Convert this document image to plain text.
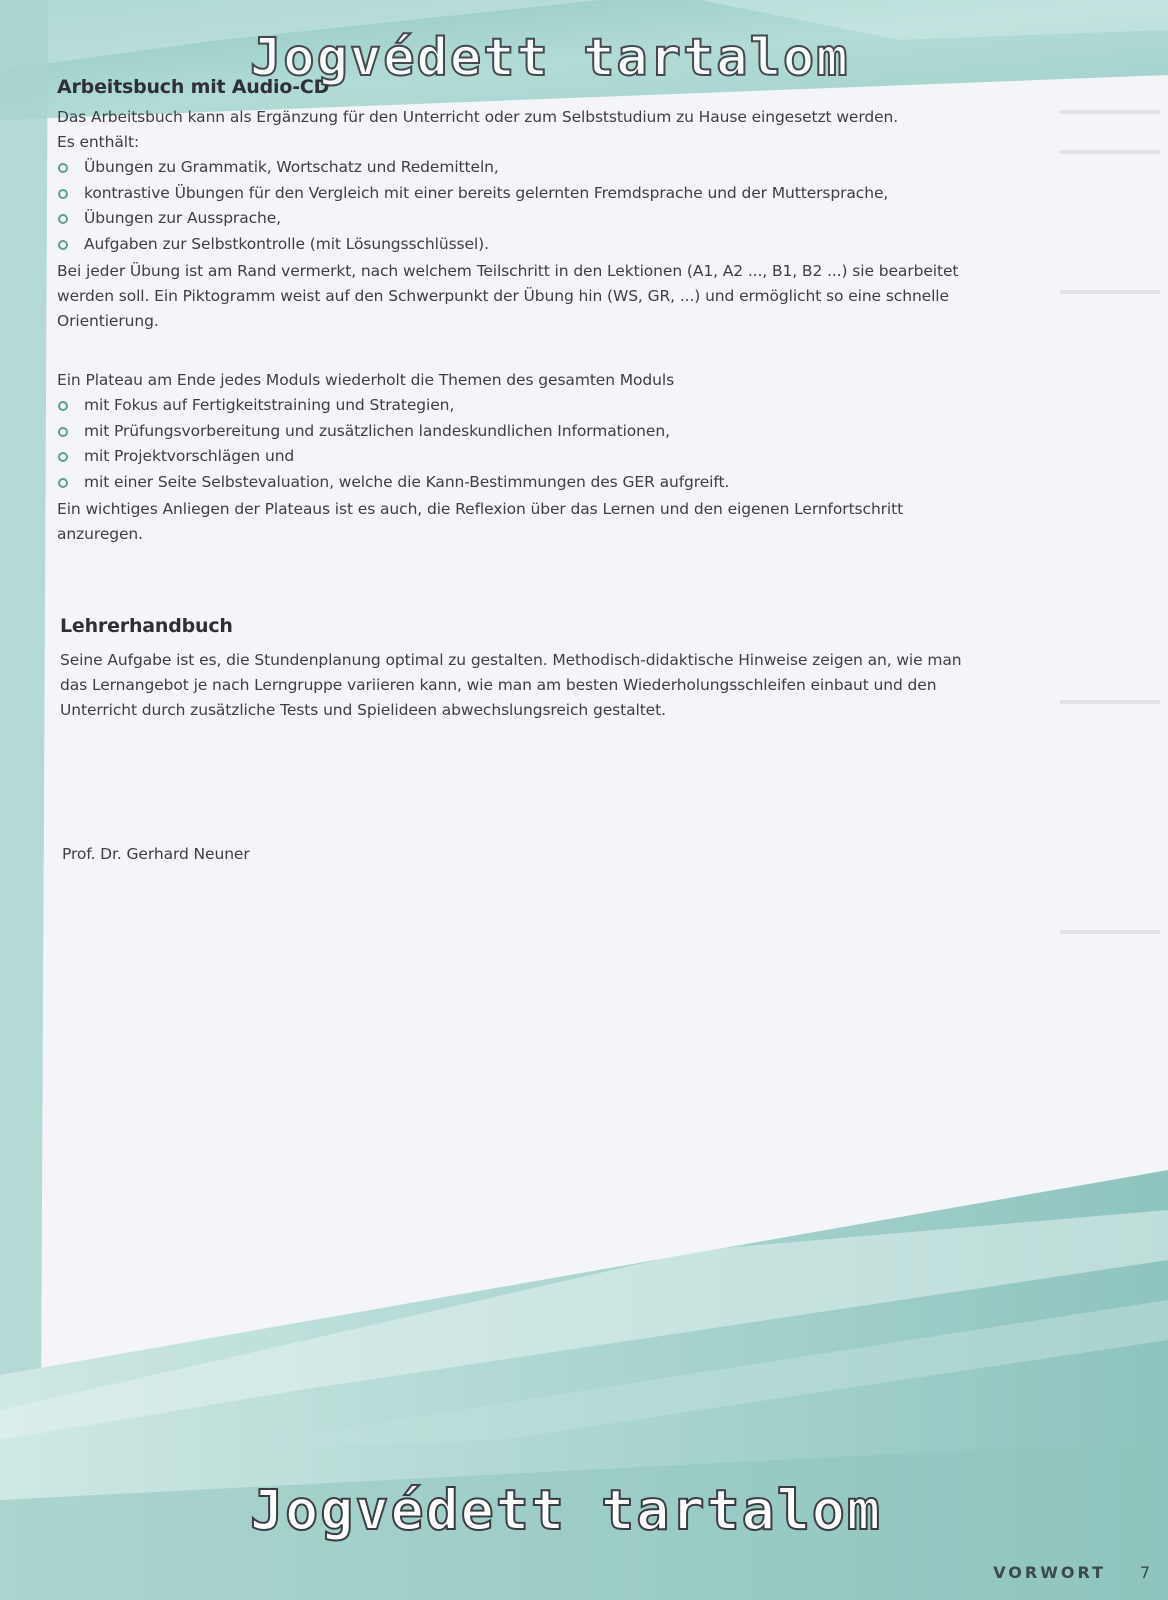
Arbeitsbuch mit Audio-CD

Das Arbeitsbuch kann als Ergänzung für den Unterricht oder zum Selbststudium zu Hause eingesetzt werden.

Es enthält:

Übungen zu Grammatik, Wortschatz und Redemitteln,
kontrastive Übungen für den Vergleich mit einer bereits gelernten Fremdsprache und der Muttersprache,
Übungen zur Aussprache,
Aufgaben zur Selbstkontrolle (mit Lösungsschlüssel).

Bei jeder Übung ist am Rand vermerkt, nach welchem Teilschritt in den Lektionen (A1, A2 ..., B1, B2 ...) sie bearbeitet

werden soll. Ein Piktogramm weist auf den Schwerpunkt der Übung hin (WS, GR, ...) und ermöglicht so eine schnelle

Orientierung.

Ein Plateau am Ende jedes Moduls wiederholt die Themen des gesamten Moduls

mit Fokus auf Fertigkeitstraining und Strategien,
mit Prüfungsvorbereitung und zusätzlichen landeskundlichen Informationen,
mit Projektvorschlägen und
mit einer Seite Selbstevaluation, welche die Kann-Bestimmungen des GER aufgreift.

Ein wichtiges Anliegen der Plateaus ist es auch, die Reflexion über das Lernen und den eigenen Lernfortschritt

anzuregen.

Lehrerhandbuch

Seine Aufgabe ist es, die Stundenplanung optimal zu gestalten. Methodisch-didaktische Hinweise zeigen an, wie man

das Lernangebot je nach Lerngruppe variieren kann, wie man am besten Wiederholungsschleifen einbaut und den

Unterricht durch zusätzliche Tests und Spielideen abwechslungsreich gestaltet.

Prof. Dr. Gerhard Neuner

Jogvédett tartalom
Jogvédett tartalom
VORWORT 7
